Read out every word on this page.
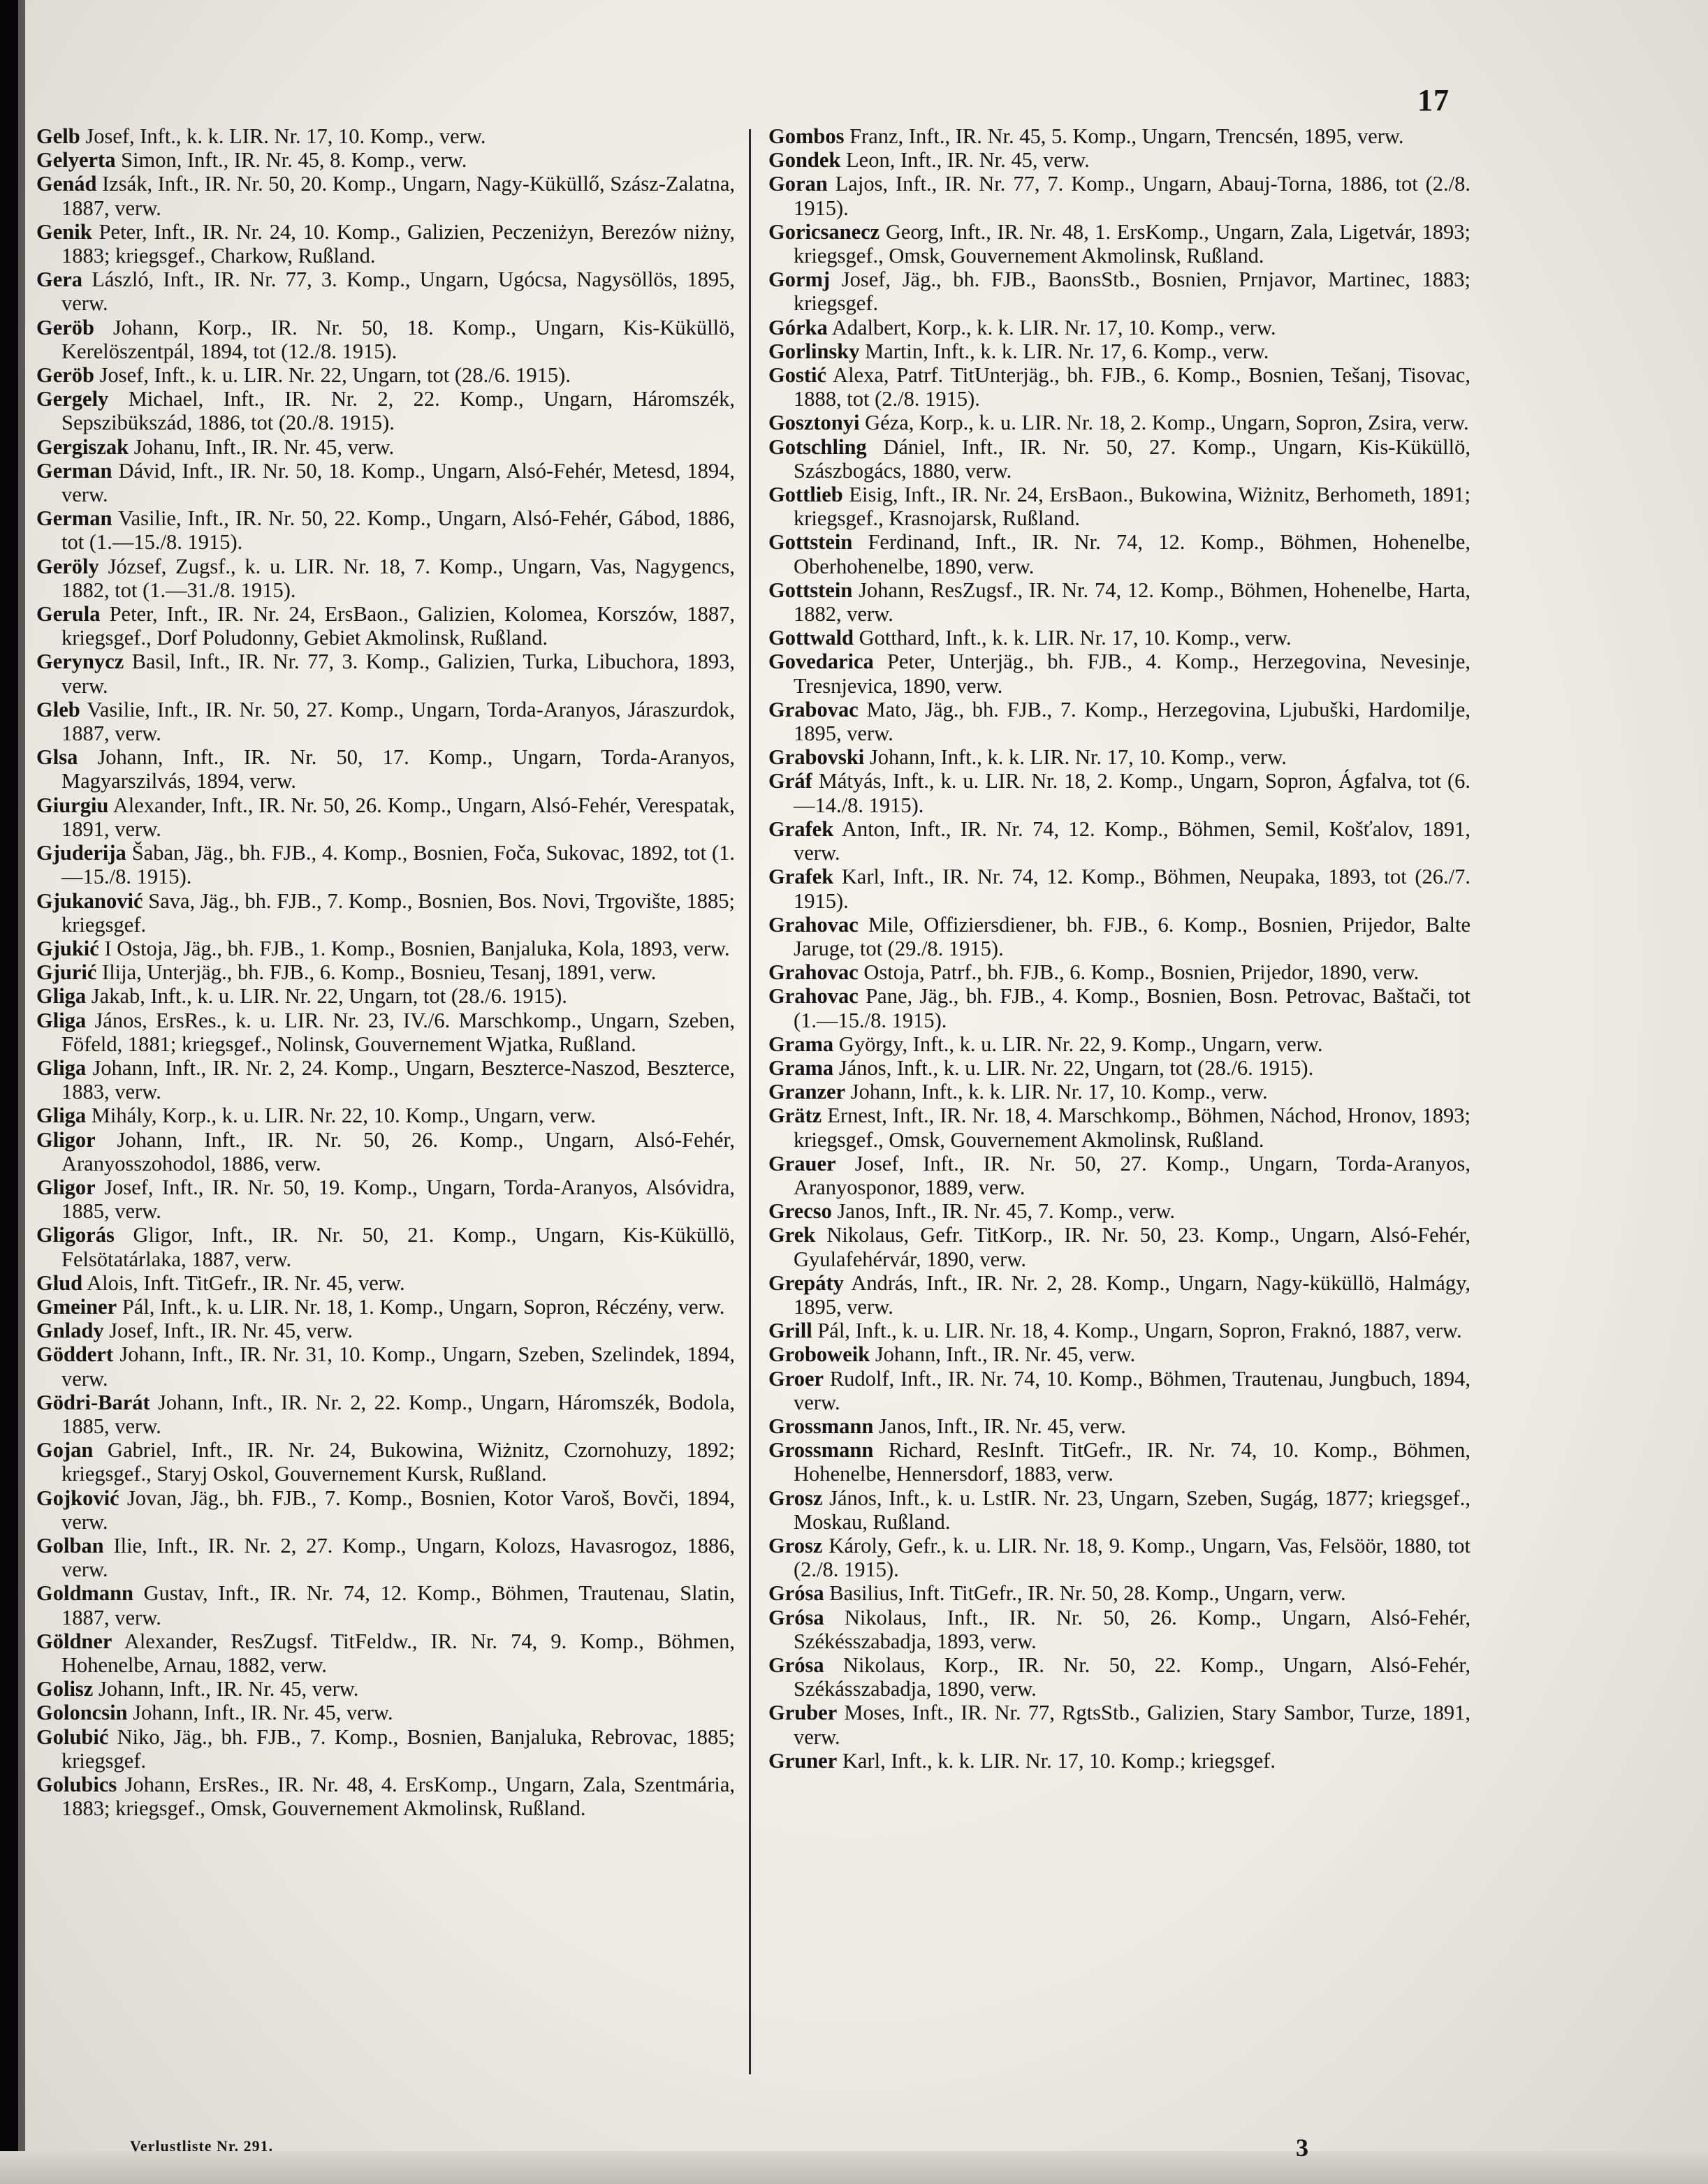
17

Gelb Josef, Inft., k. k. LIR. Nr. 17, 10. Komp., verw.

Gelyerta Simon, Inft., IR. Nr. 45, 8. Komp., verw.

Genád Izsák, Inft., IR. Nr. 50, 20. Komp., Ungarn, Nagy-Küküllő, Szász-Zalatna, 1887, verw.

Genik Peter, Inft., IR. Nr. 24, 10. Komp., Galizien, Peczeniżyn, Berezów niżny, 1883; kriegsgef., Charkow, Rußland.

Gera László, Inft., IR. Nr. 77, 3. Komp., Ungarn, Ugócsa, Nagysöllös, 1895, verw.

Geröb Johann, Korp., IR. Nr. 50, 18. Komp., Ungarn, Kis-Küküllö, Kerelöszentpál, 1894, tot (12./8. 1915).

Geröb Josef, Inft., k. u. LIR. Nr. 22, Ungarn, tot (28./6. 1915).

Gergely Michael, Inft., IR. Nr. 2, 22. Komp., Ungarn, Háromszék, Sepszibükszád, 1886, tot (20./8. 1915).

Gergiszak Johanu, Inft., IR. Nr. 45, verw.

German Dávid, Inft., IR. Nr. 50, 18. Komp., Ungarn, Alsó-Fehér, Metesd, 1894, verw.

German Vasilie, Inft., IR. Nr. 50, 22. Komp., Ungarn, Alsó-Fehér, Gábod, 1886, tot (1.—15./8. 1915).

Geröly József, Zugsf., k. u. LIR. Nr. 18, 7. Komp., Ungarn, Vas, Nagygencs, 1882, tot (1.—31./8. 1915).

Gerula Peter, Inft., IR. Nr. 24, ErsBaon., Galizien, Kolomea, Korszów, 1887, kriegsgef., Dorf Poludonny, Gebiet Akmolinsk, Rußland.

Gerynycz Basil, Inft., IR. Nr. 77, 3. Komp., Galizien, Turka, Libuchora, 1893, verw.

Gleb Vasilie, Inft., IR. Nr. 50, 27. Komp., Ungarn, Torda-Aranyos, Járaszurdok, 1887, verw.

Glsa Johann, Inft., IR. Nr. 50, 17. Komp., Ungarn, Torda-Aranyos, Magyarszilvás, 1894, verw.

Giurgiu Alexander, Inft., IR. Nr. 50, 26. Komp., Ungarn, Alsó-Fehér, Verespatak, 1891, verw.

Gjuderija Šaban, Jäg., bh. FJB., 4. Komp., Bosnien, Foča, Sukovac, 1892, tot (1.—15./8. 1915).

Gjukanović Sava, Jäg., bh. FJB., 7. Komp., Bosnien, Bos. Novi, Trgovište, 1885; kriegsgef.

Gjukić I Ostoja, Jäg., bh. FJB., 1. Komp., Bosnien, Banjaluka, Kola, 1893, verw.

Gjurić Ilija, Unterjäg., bh. FJB., 6. Komp., Bosnieu, Tesanj, 1891, verw.

Gliga Jakab, Inft., k. u. LIR. Nr. 22, Ungarn, tot (28./6. 1915).

Gliga János, ErsRes., k. u. LIR. Nr. 23, IV./6. Marschkomp., Ungarn, Szeben, Föfeld, 1881; kriegsgef., Nolinsk, Gouvernement Wjatka, Rußland.

Gliga Johann, Inft., IR. Nr. 2, 24. Komp., Ungarn, Beszterce-Naszod, Beszterce, 1883, verw.

Gliga Mihály, Korp., k. u. LIR. Nr. 22, 10. Komp., Ungarn, verw.

Gligor Johann, Inft., IR. Nr. 50, 26. Komp., Ungarn, Alsó-Fehér, Aranyosszohodol, 1886, verw.

Gligor Josef, Inft., IR. Nr. 50, 19. Komp., Ungarn, Torda-Aranyos, Alsóvidra, 1885, verw.

Gligorás Gligor, Inft., IR. Nr. 50, 21. Komp., Ungarn, Kis-Küküllö, Felsötatárlaka, 1887, verw.

Glud Alois, Inft. TitGefr., IR. Nr. 45, verw.

Gmeiner Pál, Inft., k. u. LIR. Nr. 18, 1. Komp., Ungarn, Sopron, Réczény, verw.

Gnlady Josef, Inft., IR. Nr. 45, verw.

Göddert Johann, Inft., IR. Nr. 31, 10. Komp., Ungarn, Szeben, Szelindek, 1894, verw.

Gödri-Barát Johann, Inft., IR. Nr. 2, 22. Komp., Ungarn, Háromszék, Bodola, 1885, verw.

Gojan Gabriel, Inft., IR. Nr. 24, Bukowina, Wiżnitz, Czornohuzy, 1892; kriegsgef., Staryj Oskol, Gouvernement Kursk, Rußland.

Gojković Jovan, Jäg., bh. FJB., 7. Komp., Bosnien, Kotor Varoš, Bovči, 1894, verw.

Golban Ilie, Inft., IR. Nr. 2, 27. Komp., Ungarn, Kolozs, Havasrogoz, 1886, verw.

Goldmann Gustav, Inft., IR. Nr. 74, 12. Komp., Böhmen, Trautenau, Slatin, 1887, verw.

Göldner Alexander, ResZugsf. TitFeldw., IR. Nr. 74, 9. Komp., Böhmen, Hohenelbe, Arnau, 1882, verw.

Golisz Johann, Inft., IR. Nr. 45, verw.

Goloncsin Johann, Inft., IR. Nr. 45, verw.

Golubić Niko, Jäg., bh. FJB., 7. Komp., Bosnien, Banjaluka, Rebrovac, 1885; kriegsgef.

Golubics Johann, ErsRes., IR. Nr. 48, 4. ErsKomp., Ungarn, Zala, Szentmária, 1883; kriegsgef., Omsk, Gouvernement Akmolinsk, Rußland.

Gombos Franz, Inft., IR. Nr. 45, 5. Komp., Ungarn, Trencsén, 1895, verw.

Gondek Leon, Inft., IR. Nr. 45, verw.

Goran Lajos, Inft., IR. Nr. 77, 7. Komp., Ungarn, Abauj-Torna, 1886, tot (2./8. 1915).

Goricsanecz Georg, Inft., IR. Nr. 48, 1. ErsKomp., Ungarn, Zala, Ligetvár, 1893; kriegsgef., Omsk, Gouvernement Akmolinsk, Rußland.

Gormj Josef, Jäg., bh. FJB., BaonsStb., Bosnien, Prnjavor, Martinec, 1883; kriegsgef.

Górka Adalbert, Korp., k. k. LIR. Nr. 17, 10. Komp., verw.

Gorlinsky Martin, Inft., k. k. LIR. Nr. 17, 6. Komp., verw.

Gostić Alexa, Patrf. TitUnterjäg., bh. FJB., 6. Komp., Bosnien, Tešanj, Tisovac, 1888, tot (2./8. 1915).

Gosztonyi Géza, Korp., k. u. LIR. Nr. 18, 2. Komp., Ungarn, Sopron, Zsira, verw.

Gotschling Dániel, Inft., IR. Nr. 50, 27. Komp., Ungarn, Kis-Küküllö, Szászbogács, 1880, verw.

Gottlieb Eisig, Inft., IR. Nr. 24, ErsBaon., Bukowina, Wiżnitz, Berhometh, 1891; kriegsgef., Krasnojarsk, Rußland.

Gottstein Ferdinand, Inft., IR. Nr. 74, 12. Komp., Böhmen, Hohenelbe, Oberhohenelbe, 1890, verw.

Gottstein Johann, ResZugsf., IR. Nr. 74, 12. Komp., Böhmen, Hohenelbe, Harta, 1882, verw.

Gottwald Gotthard, Inft., k. k. LIR. Nr. 17, 10. Komp., verw.

Govedarica Peter, Unterjäg., bh. FJB., 4. Komp., Herzegovina, Nevesinje, Tresnjevica, 1890, verw.

Grabovac Mato, Jäg., bh. FJB., 7. Komp., Herzegovina, Ljubuški, Hardomilje, 1895, verw.

Grabovski Johann, Inft., k. k. LIR. Nr. 17, 10. Komp., verw.

Gráf Mátyás, Inft., k. u. LIR. Nr. 18, 2. Komp., Ungarn, Sopron, Ágfalva, tot (6.—14./8. 1915).

Grafek Anton, Inft., IR. Nr. 74, 12. Komp., Böhmen, Semil, Košťalov, 1891, verw.

Grafek Karl, Inft., IR. Nr. 74, 12. Komp., Böhmen, Neupaka, 1893, tot (26./7. 1915).

Grahovac Mile, Offiziersdiener, bh. FJB., 6. Komp., Bosnien, Prijedor, Balte Jaruge, tot (29./8. 1915).

Grahovac Ostoja, Patrf., bh. FJB., 6. Komp., Bosnien, Prijedor, 1890, verw.

Grahovac Pane, Jäg., bh. FJB., 4. Komp., Bosnien, Bosn. Petrovac, Baštači, tot (1.—15./8. 1915).

Grama György, Inft., k. u. LIR. Nr. 22, 9. Komp., Ungarn, verw.

Grama János, Inft., k. u. LIR. Nr. 22, Ungarn, tot (28./6. 1915).

Granzer Johann, Inft., k. k. LIR. Nr. 17, 10. Komp., verw.

Grätz Ernest, Inft., IR. Nr. 18, 4. Marschkomp., Böhmen, Náchod, Hronov, 1893; kriegsgef., Omsk, Gouvernement Akmolinsk, Rußland.

Grauer Josef, Inft., IR. Nr. 50, 27. Komp., Ungarn, Torda-Aranyos, Aranyosponor, 1889, verw.

Grecso Janos, Inft., IR. Nr. 45, 7. Komp., verw.

Grek Nikolaus, Gefr. TitKorp., IR. Nr. 50, 23. Komp., Ungarn, Alsó-Fehér, Gyulafehérvár, 1890, verw.

Grepáty András, Inft., IR. Nr. 2, 28. Komp., Ungarn, Nagy-küküllö, Halmágy, 1895, verw.

Grill Pál, Inft., k. u. LIR. Nr. 18, 4. Komp., Ungarn, Sopron, Fraknó, 1887, verw.

Groboweik Johann, Inft., IR. Nr. 45, verw.

Groer Rudolf, Inft., IR. Nr. 74, 10. Komp., Böhmen, Trautenau, Jungbuch, 1894, verw.

Grossmann Janos, Inft., IR. Nr. 45, verw.

Grossmann Richard, ResInft. TitGefr., IR. Nr. 74, 10. Komp., Böhmen, Hohenelbe, Hennersdorf, 1883, verw.

Grosz János, Inft., k. u. LstIR. Nr. 23, Ungarn, Szeben, Sugág, 1877; kriegsgef., Moskau, Rußland.

Grosz Károly, Gefr., k. u. LIR. Nr. 18, 9. Komp., Ungarn, Vas, Felsöör, 1880, tot (2./8. 1915).

Grósa Basilius, Inft. TitGefr., IR. Nr. 50, 28. Komp., Ungarn, verw.

Grósa Nikolaus, Inft., IR. Nr. 50, 26. Komp., Ungarn, Alsó-Fehér, Székésszabadja, 1893, verw.

Grósa Nikolaus, Korp., IR. Nr. 50, 22. Komp., Ungarn, Alsó-Fehér, Székásszabadja, 1890, verw.

Gruber Moses, Inft., IR. Nr. 77, RgtsStb., Galizien, Stary Sambor, Turze, 1891, verw.

Gruner Karl, Inft., k. k. LIR. Nr. 17, 10. Komp.; kriegsgef.

Verlustliste Nr. 291.	3
